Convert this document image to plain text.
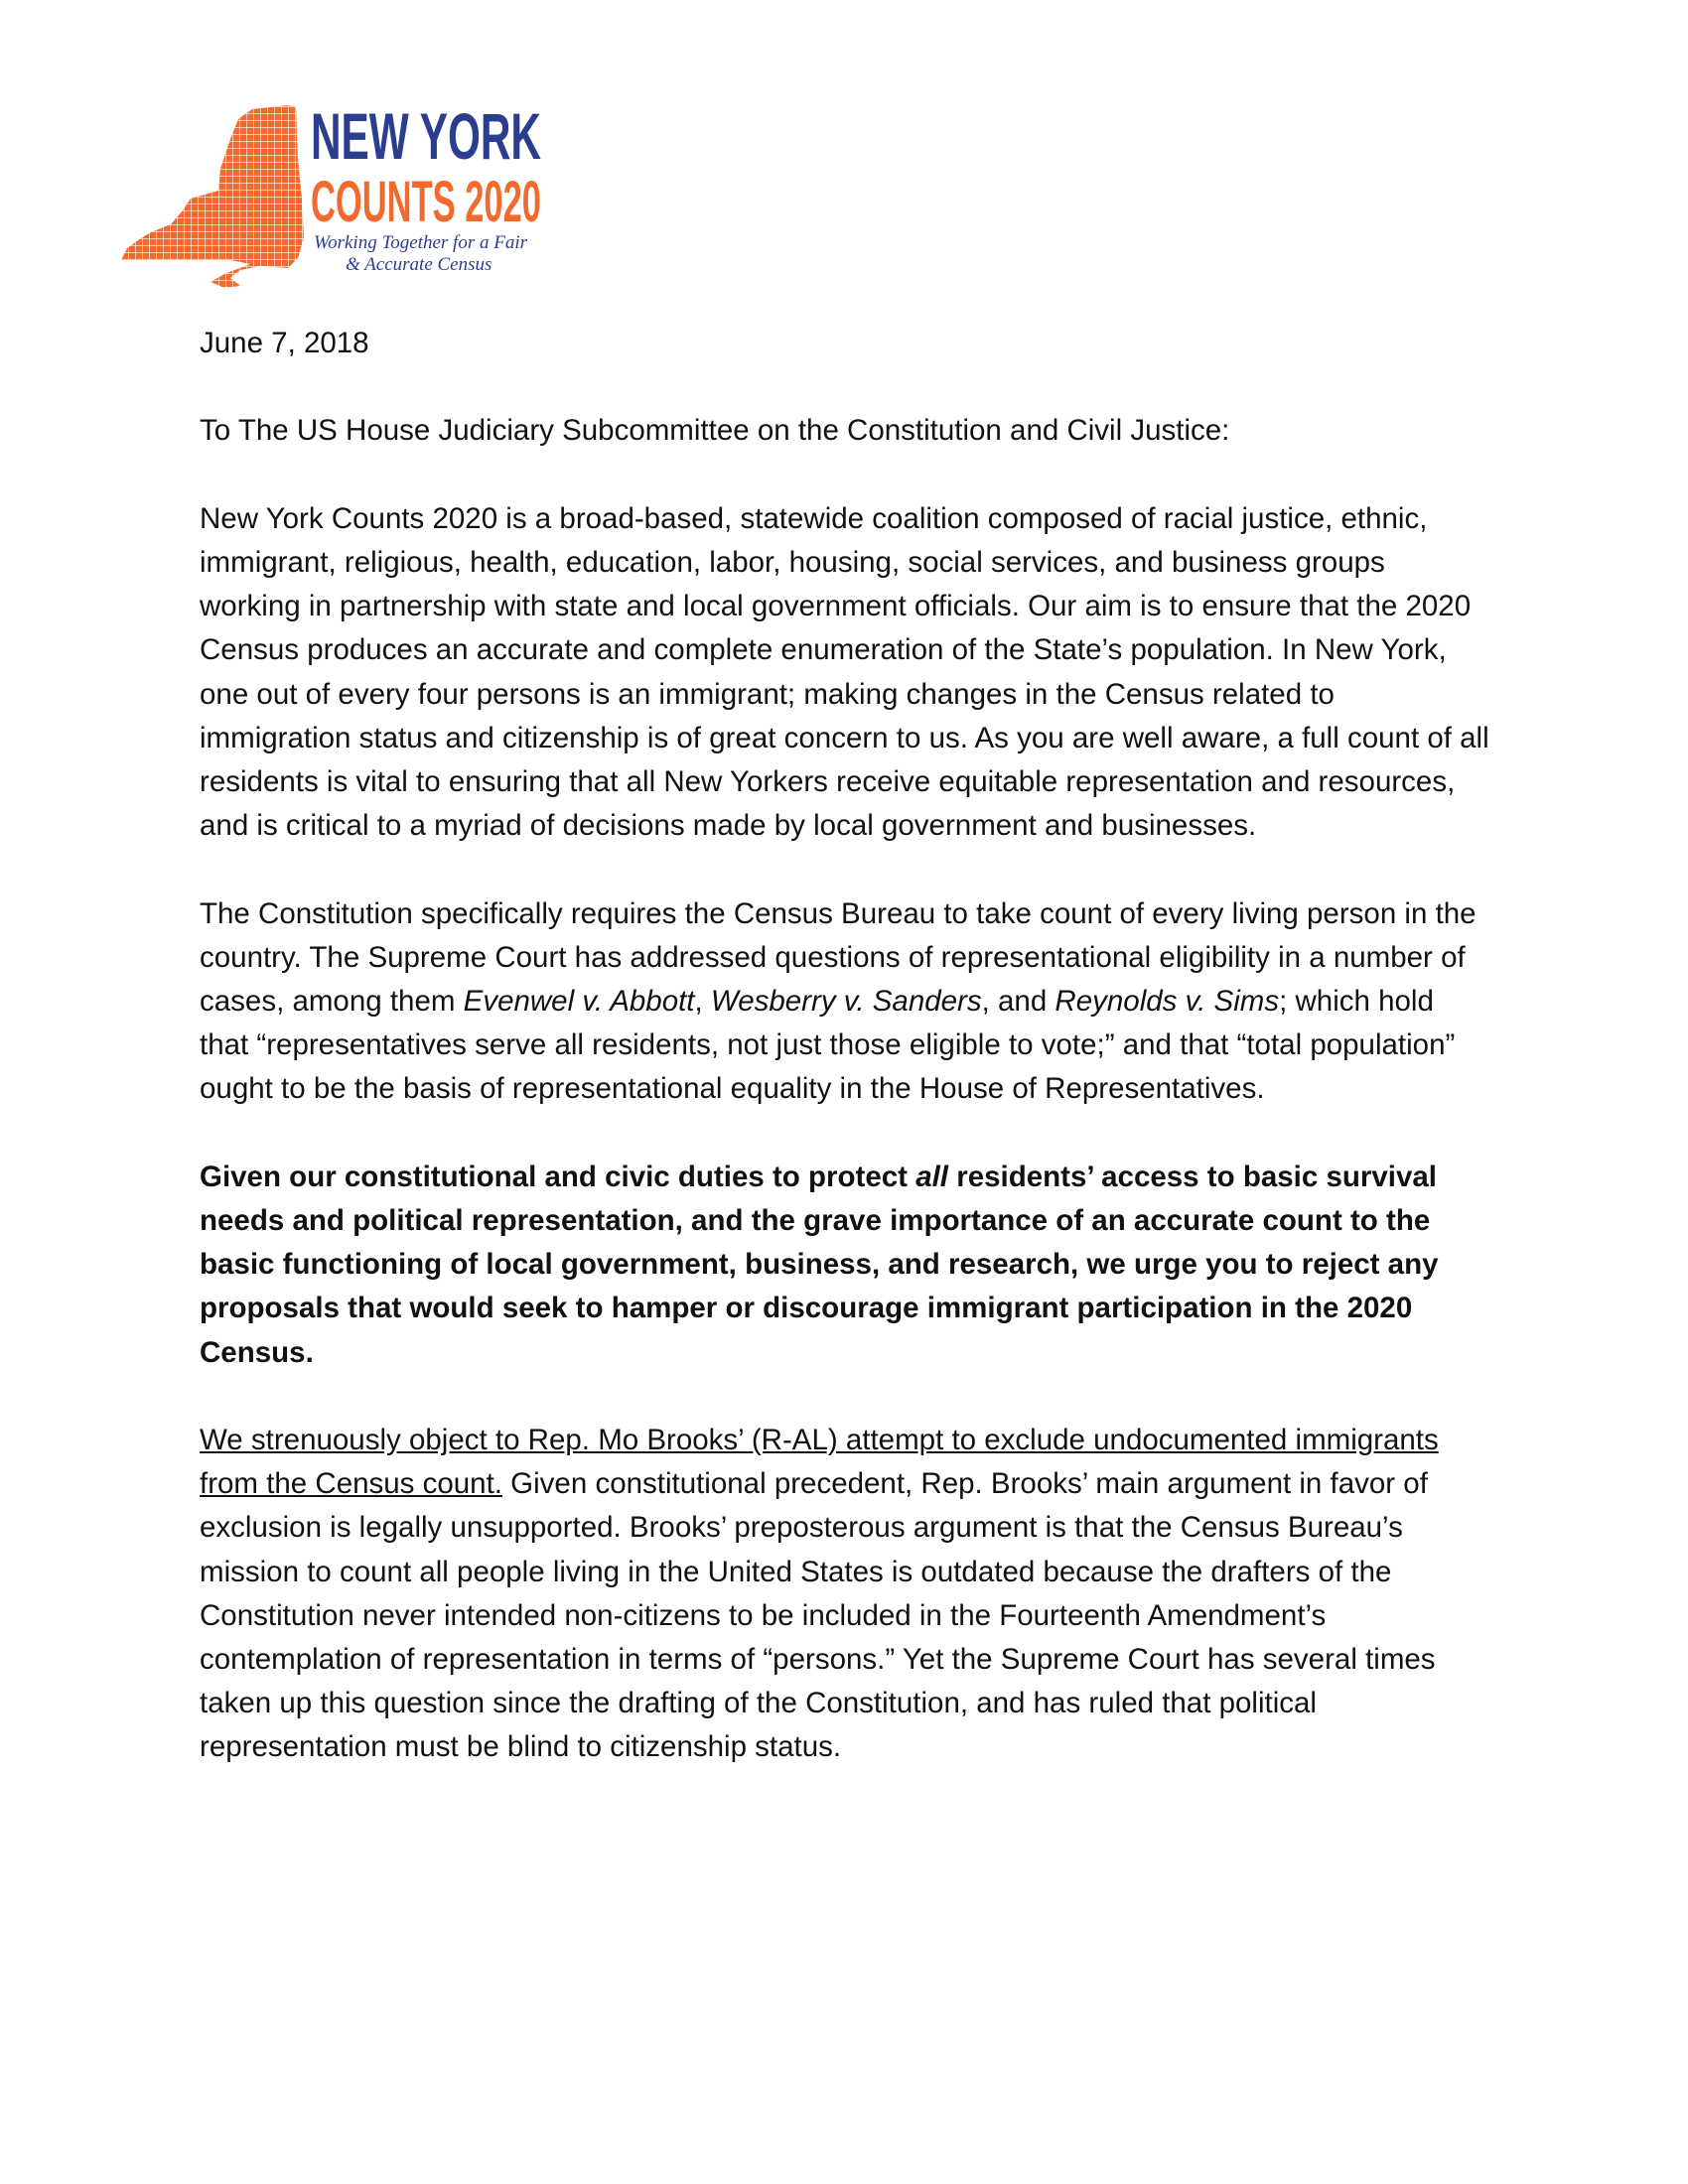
NEW YORK
COUNTS 2020
Working Together for a Fair
& Accurate Census

June 7, 2018

To The US House Judiciary Subcommittee on the Constitution and Civil Justice:

New York Counts 2020 is a broad-based, statewide coalition composed of racial justice, ethnic, immigrant, religious, health, education, labor, housing, social services, and business groups working in partnership with state and local government officials. Our aim is to ensure that the 2020 Census produces an accurate and complete enumeration of the State’s population. In New York, one out of every four persons is an immigrant; making changes in the Census related to immigration status and citizenship is of great concern to us. As you are well aware, a full count of all residents is vital to ensuring that all New Yorkers receive equitable representation and resources, and is critical to a myriad of decisions made by local government and businesses.

The Constitution specifically requires the Census Bureau to take count of every living person in the country. The Supreme Court has addressed questions of representational eligibility in a number of cases, among them Evenwel v. Abbott, Wesberry v. Sanders, and Reynolds v. Sims; which hold that “representatives serve all residents, not just those eligible to vote;” and that “total population” ought to be the basis of representational equality in the House of Representatives.

Given our constitutional and civic duties to protect all residents’ access to basic survival needs and political representation, and the grave importance of an accurate count to the basic functioning of local government, business, and research, we urge you to reject any proposals that would seek to hamper or discourage immigrant participation in the 2020 Census.

We strenuously object to Rep. Mo Brooks’ (R-AL) attempt to exclude undocumented immigrants from the Census count. Given constitutional precedent, Rep. Brooks’ main argument in favor of exclusion is legally unsupported. Brooks’ preposterous argument is that the Census Bureau’s mission to count all people living in the United States is outdated because the drafters of the Constitution never intended non-citizens to be included in the Fourteenth Amendment’s contemplation of representation in terms of “persons.” Yet the Supreme Court has several times taken up this question since the drafting of the Constitution, and has ruled that political representation must be blind to citizenship status.
